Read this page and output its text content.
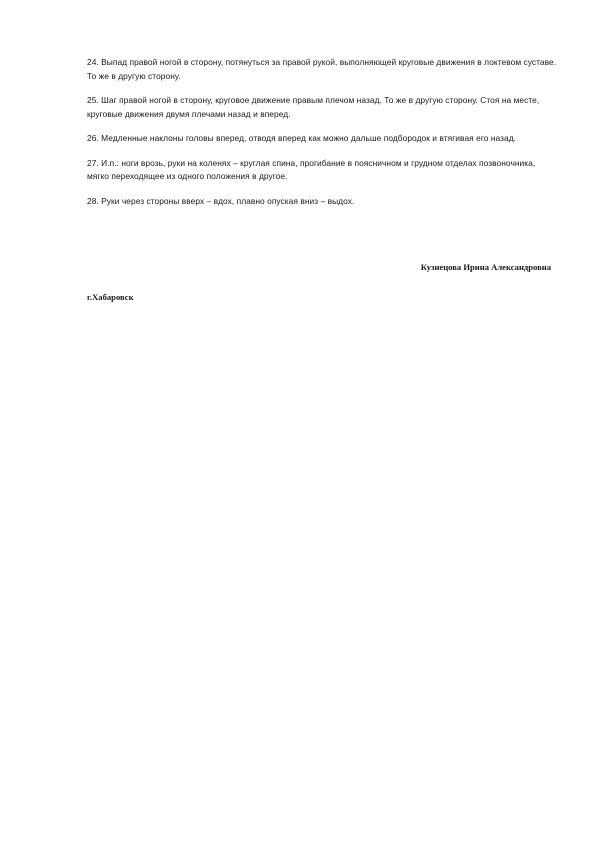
24. Выпад правой ногой в сторону, потянуться за правой рукой, выполняющей круговые движения в локтевом суставе. То же в другую сторону.

25. Шаг правой ногой в сторону, круговое движение правым плечом назад. То же в другую сторону. Стоя на месте, круговые движения двумя плечами назад и вперед.

26. Медленные наклоны головы вперед, отводя вперед как можно дальше подбородок и втягивая его назад.

27. И.п.: ноги врозь, руки на коленях – круглая спина, прогибание в поясничном и грудном отделах позвоночника, мягко переходящее из одного положения в другое.

28. Руки через стороны вверх – вдох, плавно опуская вниз – выдох.

Кузнецова Ирина Александровна
г.Хабаровск
